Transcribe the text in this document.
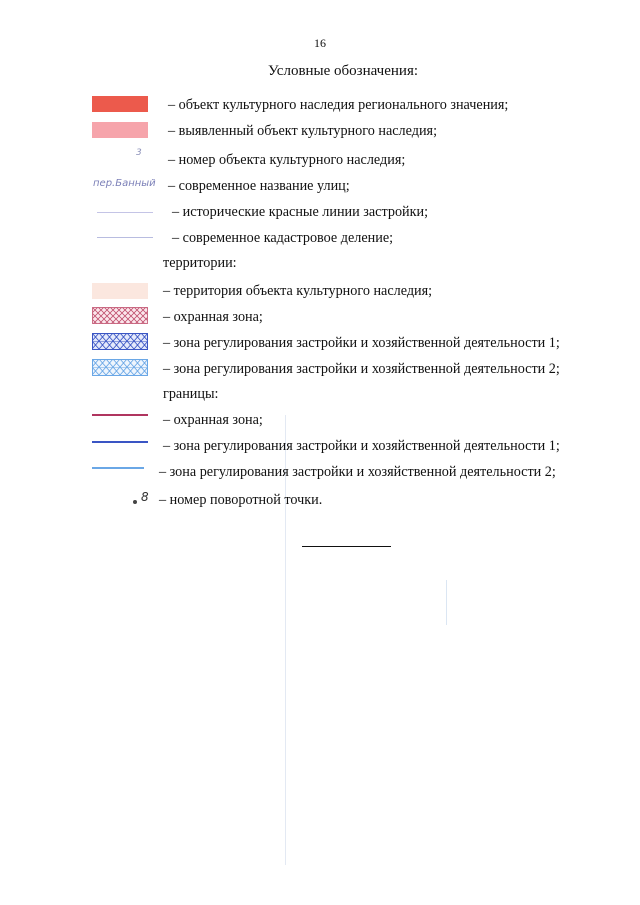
16
Условные обозначения:
– объект культурного наследия регионального значения;
– выявленный объект культурного наследия;
3 – номер объекта культурного наследия;
пер.Банный – современное название улиц;
– исторические красные линии застройки;
– современное кадастровое деление;
территории:
– территория объекта культурного наследия;
– охранная зона;
– зона регулирования застройки и хозяйственной деятельности 1;
– зона регулирования застройки и хозяйственной деятельности 2;
границы:
– охранная зона;
– зона регулирования застройки и хозяйственной деятельности 1;
– зона регулирования застройки и хозяйственной деятельности 2;
8 – номер поворотной точки.
